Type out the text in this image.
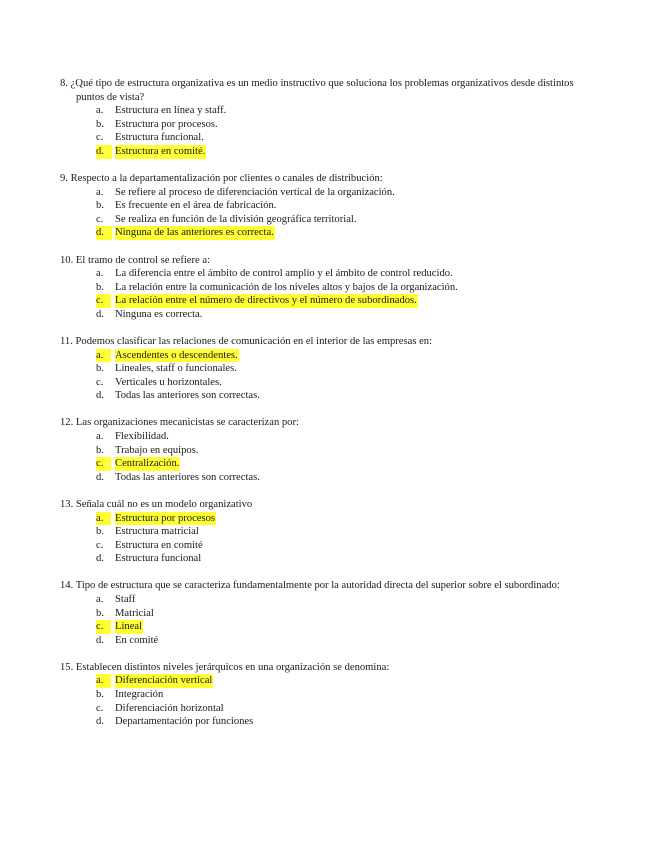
8. ¿Qué tipo de estructura organizativa es un medio instructivo que soluciona los problemas organizativos desde distintos puntos de vista?
a. Estructura en línea y staff.
b. Estructura por procesos.
c. Estructura funcional.
d.	Estructura en comité.
9. Respecto a la departamentalización por clientes o canales de distribución:
a. Se refiere al proceso de diferenciación vertical de la organización.
b. Es frecuente en el área de fabricación.
c. Se realiza en función de la división geográfica territorial.
d.	Ninguna de las anteriores es correcta.
10. El tramo de control se refiere a:
a. La diferencia entre el ámbito de control amplio y el ámbito de control reducido.
b. La relación entre la comunicación de los niveles altos y bajos de la organización.
c.	La relación entre el número de directivos y el número de subordinados.
d. Ninguna es correcta.
11. Podemos clasificar las relaciones de comunicación en el interior de las empresas en:
a.	Ascendentes o descendentes.
b. Lineales, staff o funcionales.
c. Verticales u horizontales.
d. Todas las anteriores son correctas.
12. Las organizaciones mecanicistas se caracterizan por:
a. Flexibilidad.
b. Trabajo en equipos.
c.	Centralización.
d. Todas las anteriores son correctas.
13. Señala cuál no es un modelo organizativo
a.	Estructura por procesos
b. Estructura matricial
c. Estructura en comité
d. Estructura funcional
14. Tipo de estructura que se caracteriza fundamentalmente por la autoridad directa del superior sobre el subordinado:
a. Staff
b. Matricial
c.	Lineal
d. En comité
15. Establecen distintos niveles jerárquicos en una organización se denomina:
a.	Diferenciación vertical
b. Integración
c. Diferenciación horizontal
d. Departamentación por funciones
